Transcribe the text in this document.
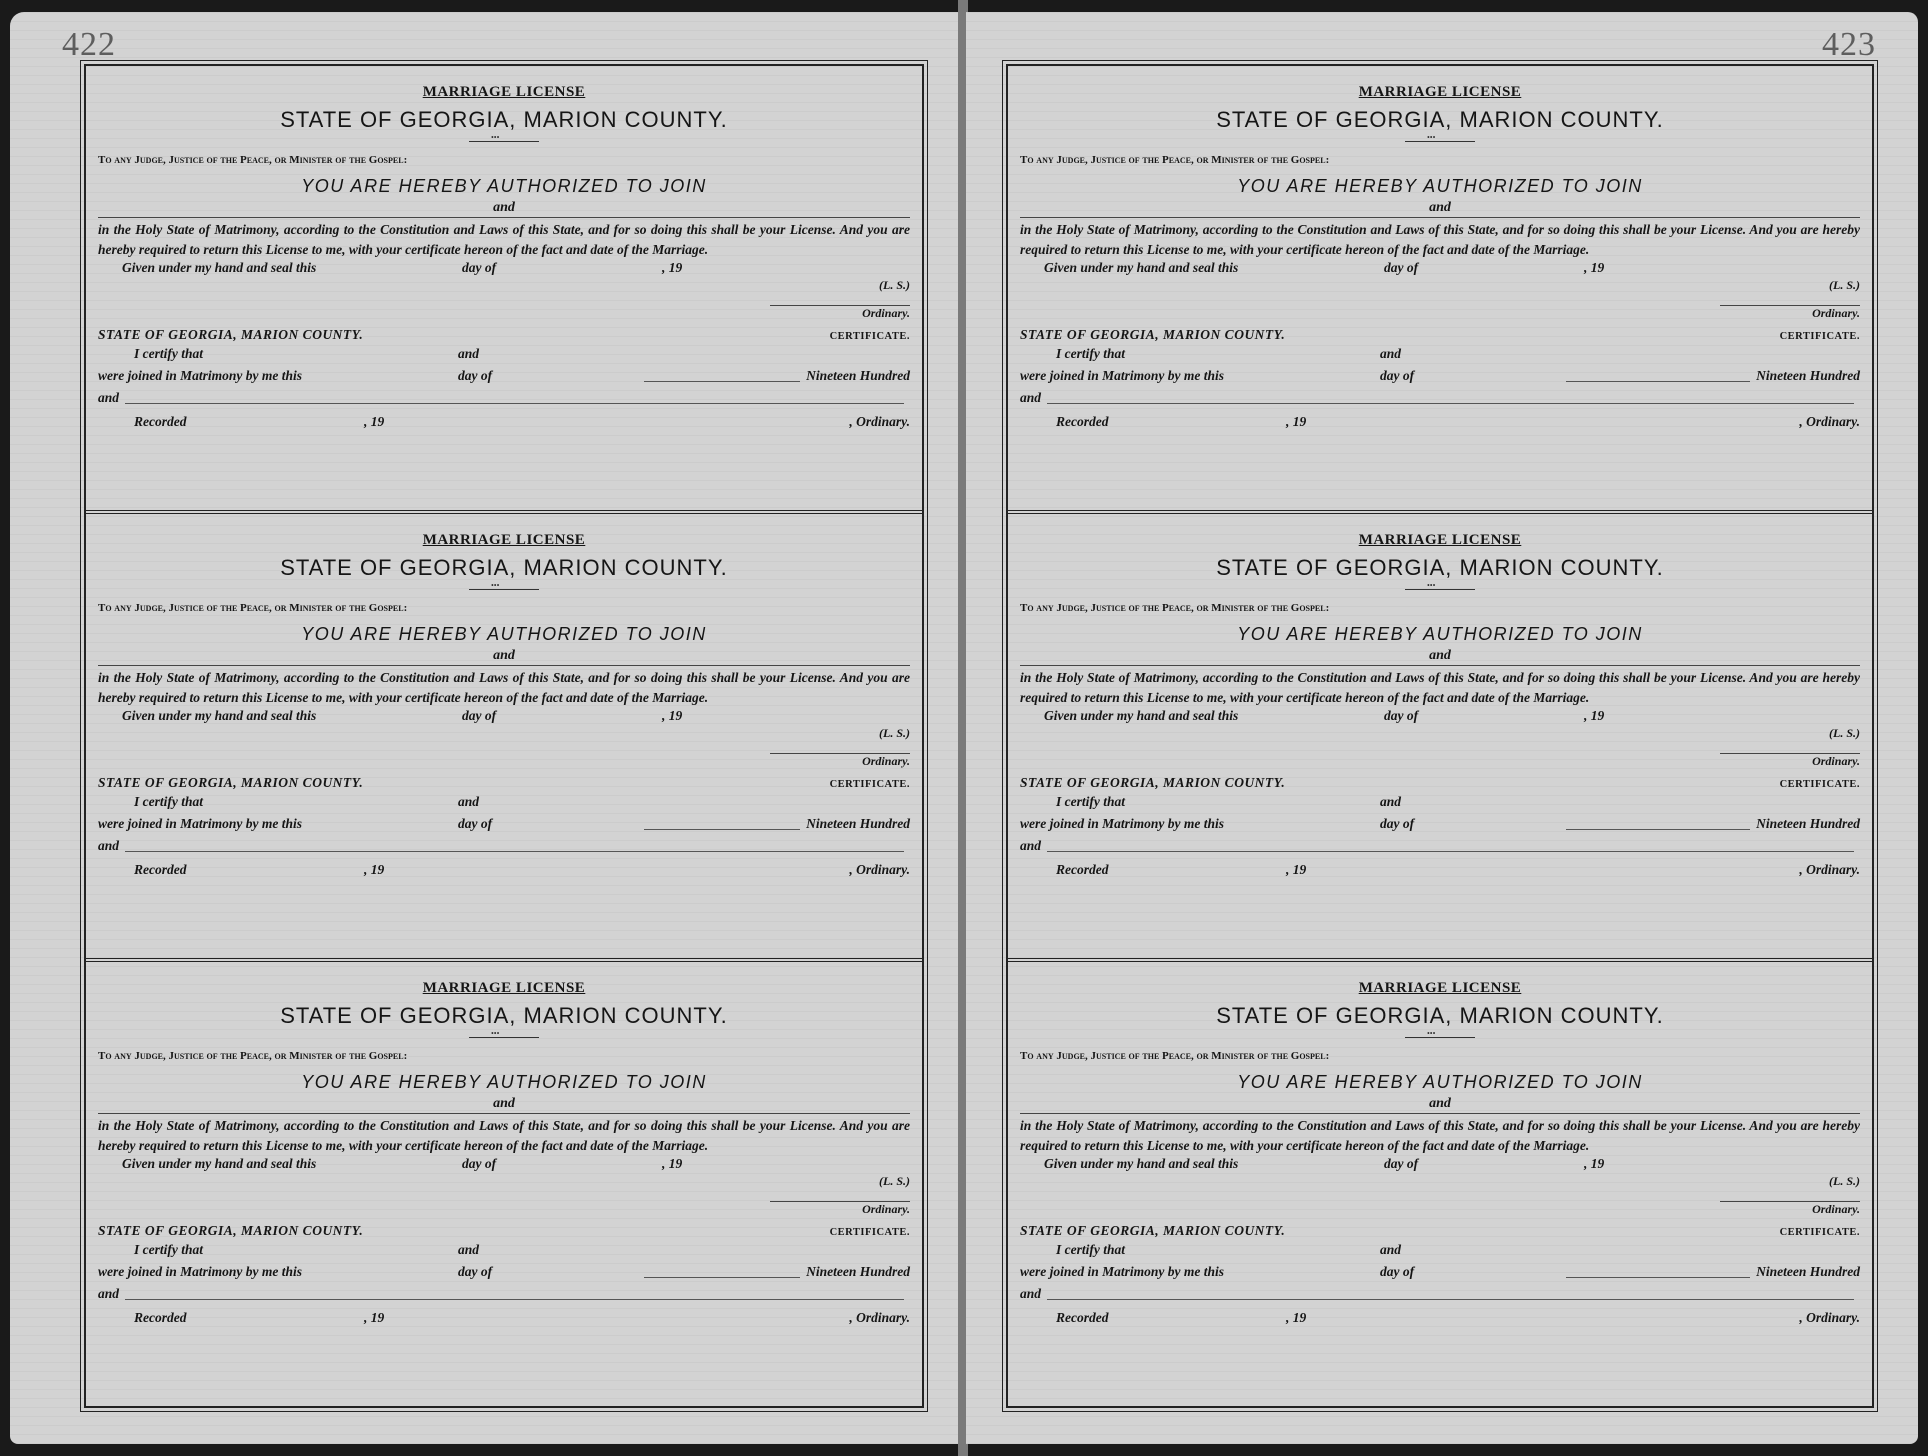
422
MARRIAGE LICENSE
STATE OF GEORGIA, MARION COUNTY.
•••
To any Judge, Justice of the Peace, or Minister of the Gospel:
YOU ARE HEREBY AUTHORIZED TO JOIN
and
in the Holy State of Matrimony, according to the Constitution and Laws of this State, and for so doing this shall be your License. And you are hereby required to return this License to me, with your certificate hereon of the fact and date of the Marriage.
Given under my hand and seal this	day of	, 19
(L. S.)
Ordinary.
STATE OF GEORGIA, MARION COUNTY.	CERTIFICATE.
I certify that	and
were joined in Matrimony by me this	day of	Nineteen Hundred
and
Recorded	, 19	, Ordinary.
MARRIAGE LICENSE
STATE OF GEORGIA, MARION COUNTY.
•••
To any Judge, Justice of the Peace, or Minister of the Gospel:
YOU ARE HEREBY AUTHORIZED TO JOIN
and
in the Holy State of Matrimony, according to the Constitution and Laws of this State, and for so doing this shall be your License. And you are hereby required to return this License to me, with your certificate hereon of the fact and date of the Marriage.
Given under my hand and seal this	day of	, 19
(L. S.)
Ordinary.
STATE OF GEORGIA, MARION COUNTY.	CERTIFICATE.
I certify that	and
were joined in Matrimony by me this	day of	Nineteen Hundred
and
Recorded	, 19	, Ordinary.
MARRIAGE LICENSE
STATE OF GEORGIA, MARION COUNTY.
•••
To any Judge, Justice of the Peace, or Minister of the Gospel:
YOU ARE HEREBY AUTHORIZED TO JOIN
and
in the Holy State of Matrimony, according to the Constitution and Laws of this State, and for so doing this shall be your License. And you are hereby required to return this License to me, with your certificate hereon of the fact and date of the Marriage.
Given under my hand and seal this	day of	, 19
(L. S.)
Ordinary.
STATE OF GEORGIA, MARION COUNTY.	CERTIFICATE.
I certify that	and
were joined in Matrimony by me this	day of	Nineteen Hundred
and
Recorded	, 19	, Ordinary.
423
MARRIAGE LICENSE
STATE OF GEORGIA, MARION COUNTY.
•••
To any Judge, Justice of the Peace, or Minister of the Gospel:
YOU ARE HEREBY AUTHORIZED TO JOIN
and
in the Holy State of Matrimony, according to the Constitution and Laws of this State, and for so doing this shall be your License. And you are hereby required to return this License to me, with your certificate hereon of the fact and date of the Marriage.
Given under my hand and seal this	day of	, 19
(L. S.)
Ordinary.
STATE OF GEORGIA, MARION COUNTY.	CERTIFICATE.
I certify that	and
were joined in Matrimony by me this	day of	Nineteen Hundred
and
Recorded	, 19	, Ordinary.
MARRIAGE LICENSE
STATE OF GEORGIA, MARION COUNTY.
•••
To any Judge, Justice of the Peace, or Minister of the Gospel:
YOU ARE HEREBY AUTHORIZED TO JOIN
and
in the Holy State of Matrimony, according to the Constitution and Laws of this State, and for so doing this shall be your License. And you are hereby required to return this License to me, with your certificate hereon of the fact and date of the Marriage.
Given under my hand and seal this	day of	, 19
(L. S.)
Ordinary.
STATE OF GEORGIA, MARION COUNTY.	CERTIFICATE.
I certify that	and
were joined in Matrimony by me this	day of	Nineteen Hundred
and
Recorded	, 19	, Ordinary.
MARRIAGE LICENSE
STATE OF GEORGIA, MARION COUNTY.
•••
To any Judge, Justice of the Peace, or Minister of the Gospel:
YOU ARE HEREBY AUTHORIZED TO JOIN
and
in the Holy State of Matrimony, according to the Constitution and Laws of this State, and for so doing this shall be your License. And you are hereby required to return this License to me, with your certificate hereon of the fact and date of the Marriage.
Given under my hand and seal this	day of	, 19
(L. S.)
Ordinary.
STATE OF GEORGIA, MARION COUNTY.	CERTIFICATE.
I certify that	and
were joined in Matrimony by me this	day of	Nineteen Hundred
and
Recorded	, 19	, Ordinary.
